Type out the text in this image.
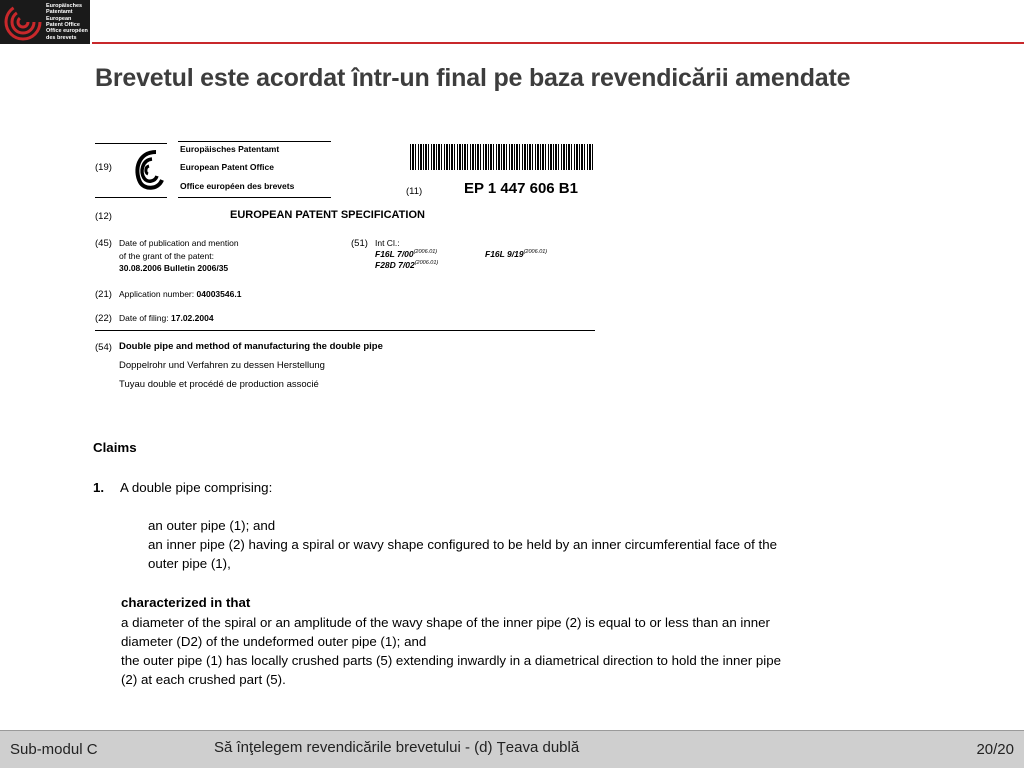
Europäisches
Patentamt
European
Patent Office
Office européen
des brevets
Brevetul este acordat într-un final pe baza revendicării amendate
Europäisches Patentamt
(19)	European Patent Office
Office européen des brevets	(11)	EP 1 447 606 B1
(12)	EUROPEAN PATENT SPECIFICATION
(45) Date of publication and mention
of the grant of the patent:
30.08.2006 Bulletin 2006/35
(51) Int Cl.:
F16L $7/00^{(2006.01)}$	F16L $9/19^{(2006.01)}$
F28D $7/02^{(2006.01)}$
(21) Application number: 04003546.1
(22) Date of filing: 17.02.2004
(54) Double pipe and method of manufacturing the double pipe
Doppelrohr und Verfahren zu dessen Herstellung
Tuyau double et procédé de production associé
Claims
1. A double pipe comprising:
an outer pipe (1); and
an inner pipe (2) having a spiral or wavy shape configured to be held by an inner circumferential face of the
outer pipe (1),
characterized in that
a diameter of the spiral or an amplitude of the wavy shape of the inner pipe (2) is equal to or less than an inner
diameter (D2) of the undeformed outer pipe (1); and
the outer pipe (1) has locally crushed parts (5) extending inwardly in a diametrical direction to hold the inner pipe
(2) at each crushed part (5).
Sub-modul C	Să înţelegem revendicările brevetului - (d) Ţeava dublă	20/20
